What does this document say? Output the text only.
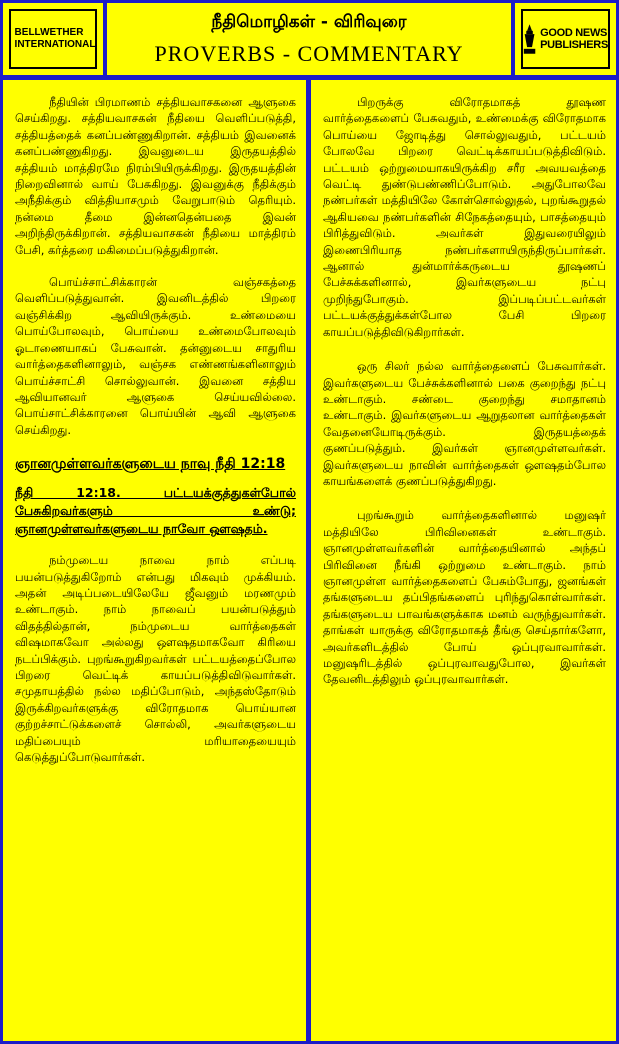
BELLWETHER
INTERNATIONAL
நீதிமொழிகள் - விரிவுரை
PROVERBS - COMMENTARY
GOOD NEWS
PUBLISHERS

நீதியின் பிரமாணம் சத்தியவாசகனை ஆளுகை செய்கிறது. சத்தியவாசகன் நீதியை வெளிப்படுத்தி, சத்தியத்தைக் கனப்பண்ணுகிறான். சத்தியம் இவனைக் கனப்பண்ணுகிறது. இவனுடைய இருதயத்தில் சத்தியம் மாத்திரமே நிரம்பியிருக்கிறது. இருதயத்தின் நிறைவினால் வாய் பேசுகிறது. இவனுக்கு நீதிக்கும் அநீதிக்கும் வித்தியாசமும் வேறுபாடும் தெரியும். நன்மை தீமை இன்னதென்பதை இவன் அறிந்திருக்கிறான். சத்தியவாசகன் நீதியை மாத்திரம் பேசி, கர்த்தரை மகிமைப்படுத்துகிறான்.

பொய்ச்சாட்சிக்காரன் வஞ்சகத்தை வெளிப்படுத்துவான். இவனிடத்தில் பிறரை வஞ்சிக்கிற ஆவியிருக்கும். உண்மையை பொய்போலவும், பொய்யை உண்மைபோலவும் ஓடாணையாகப் பேசுவான். தன்னுடைய சாதுரிய வார்த்தைகளினாலும், வஞ்சக எண்ணங்களினாலும் பொய்ச்சாட்சி சொல்லுவான். இவனை சத்திய ஆவியானவர் ஆளுகை செய்யவில்லை. பொய்சாட்சிக்காரனை பொய்யின் ஆவி ஆளுகை செய்கிறது.

ஞானமுள்ளவர்களுடைய நாவு நீதி 12:18

நீதி 12:18. பட்டயக்குத்துகள்போல் பேசுகிறவர்களும் உண்டு; ஞானமுள்ளவர்களுடைய நாவோ ஔஷதம்.

நம்முடைய நாவை நாம் எப்படி பயன்படுத்துகிறோம் என்பது மிகவும் முக்கியம். அதன் அடிப்படையிலேயே ஜீவனும் மரணமும் உண்டாகும். நாம் நாவைப் பயன்படுத்தும் விதத்தில்தான், நம்முடைய வார்த்தைகள் விஷமாகவோ அல்லது ஔஷதமாகவோ கிரியை நடப்பிக்கும். புறங்கூறுகிறவர்கள் பட்டயத்தைப்போல பிறரை வெட்டிக் காயப்படுத்திவிடுவார்கள். சமுதாயத்தில் நல்ல மதிப்போடும், அந்தஸ்தோடும் இருக்கிறவர்களுக்கு விரோதமாக பொய்யான குற்றச்சாட்டுக்களைச் சொல்லி, அவர்களுடைய மதிப்பையும் மரியாதையையும் கெடுத்துப்போடுவார்கள்.

பிறருக்கு விரோதமாகத் தூஷண வார்த்தைகளைப் பேசுவதும், உண்மைக்கு விரோதமாக பொய்யை ஜோடித்து சொல்லுவதும், பட்டயம் போலவே பிறரை வெட்டிக்காயப்படுத்திவிடும். பட்டயம் ஒற்றுமையாகயிருக்கிற சரீர அவயவத்தை வெட்டி துண்டுபண்ணிப்போடும். அதுபோலவே நண்பர்கள் மத்தியிலே கோள்சொல்லுதல், புறங்கூறுதல் ஆகியவை நண்பர்களின் சிநேகத்தையும், பாசத்தையும் பிரித்துவிடும். அவர்கள் இதுவரையிலும் இணைபிரியாத நண்பர்களாயிருந்திருப்பார்கள். ஆனால் துன்மார்க்கருடைய தூஷணப் பேச்சுக்களினால், இவர்களுடைய நட்பு முறிந்துபோகும். இப்படிப்பட்டவர்கள் பட்டயக்குத்துக்கள்போல பேசி பிறரை காயப்படுத்திவிடுகிறார்கள்.

ஒரு சிலர் நல்ல வார்த்தைளைப் பேசுவார்கள். இவர்களுடைய பேச்சுக்களினால் பகை குறைந்து நட்பு உண்டாகும். சண்டை குறைந்து சமாதானம் உண்டாகும். இவர்களுடைய ஆறுதலான வார்த்தைகள் வேதனையோடிருக்கும். இருதயத்தைக் குணப்படுத்தும். இவர்கள் ஞானமுள்ளவர்கள். இவர்களுடைய நாவின் வார்த்தைகள் ஔஷதம்போல காயங்களைக் குணப்படுத்துகிறது.

புறங்கூறும் வார்த்தைகளினால் மனுஷர் மத்தியிலே பிரிவினைகள் உண்டாகும். ஞானமுள்ளவர்களின் வார்த்தையினால் அந்தப் பிரிவினை நீங்கி ஒற்றுமை உண்டாகும். நாம் ஞானமுள்ள வார்த்தைகளைப் பேசும்போது, ஜனங்கள் தங்களுடைய தப்பிதங்களைப் புரிந்துகொள்வார்கள். தங்களுடைய பாவங்களுக்காக மனம் வருந்துவார்கள். தாங்கள் யாருக்கு விரோதமாகத் தீங்கு செய்தார்களோ, அவர்களிடத்தில் போய் ஒப்புரவாவார்கள். மனுஷரிடத்தில் ஒப்புரவாவதுபோல, இவர்கள் தேவனிடத்திலும் ஒப்புரவாவார்கள்.
